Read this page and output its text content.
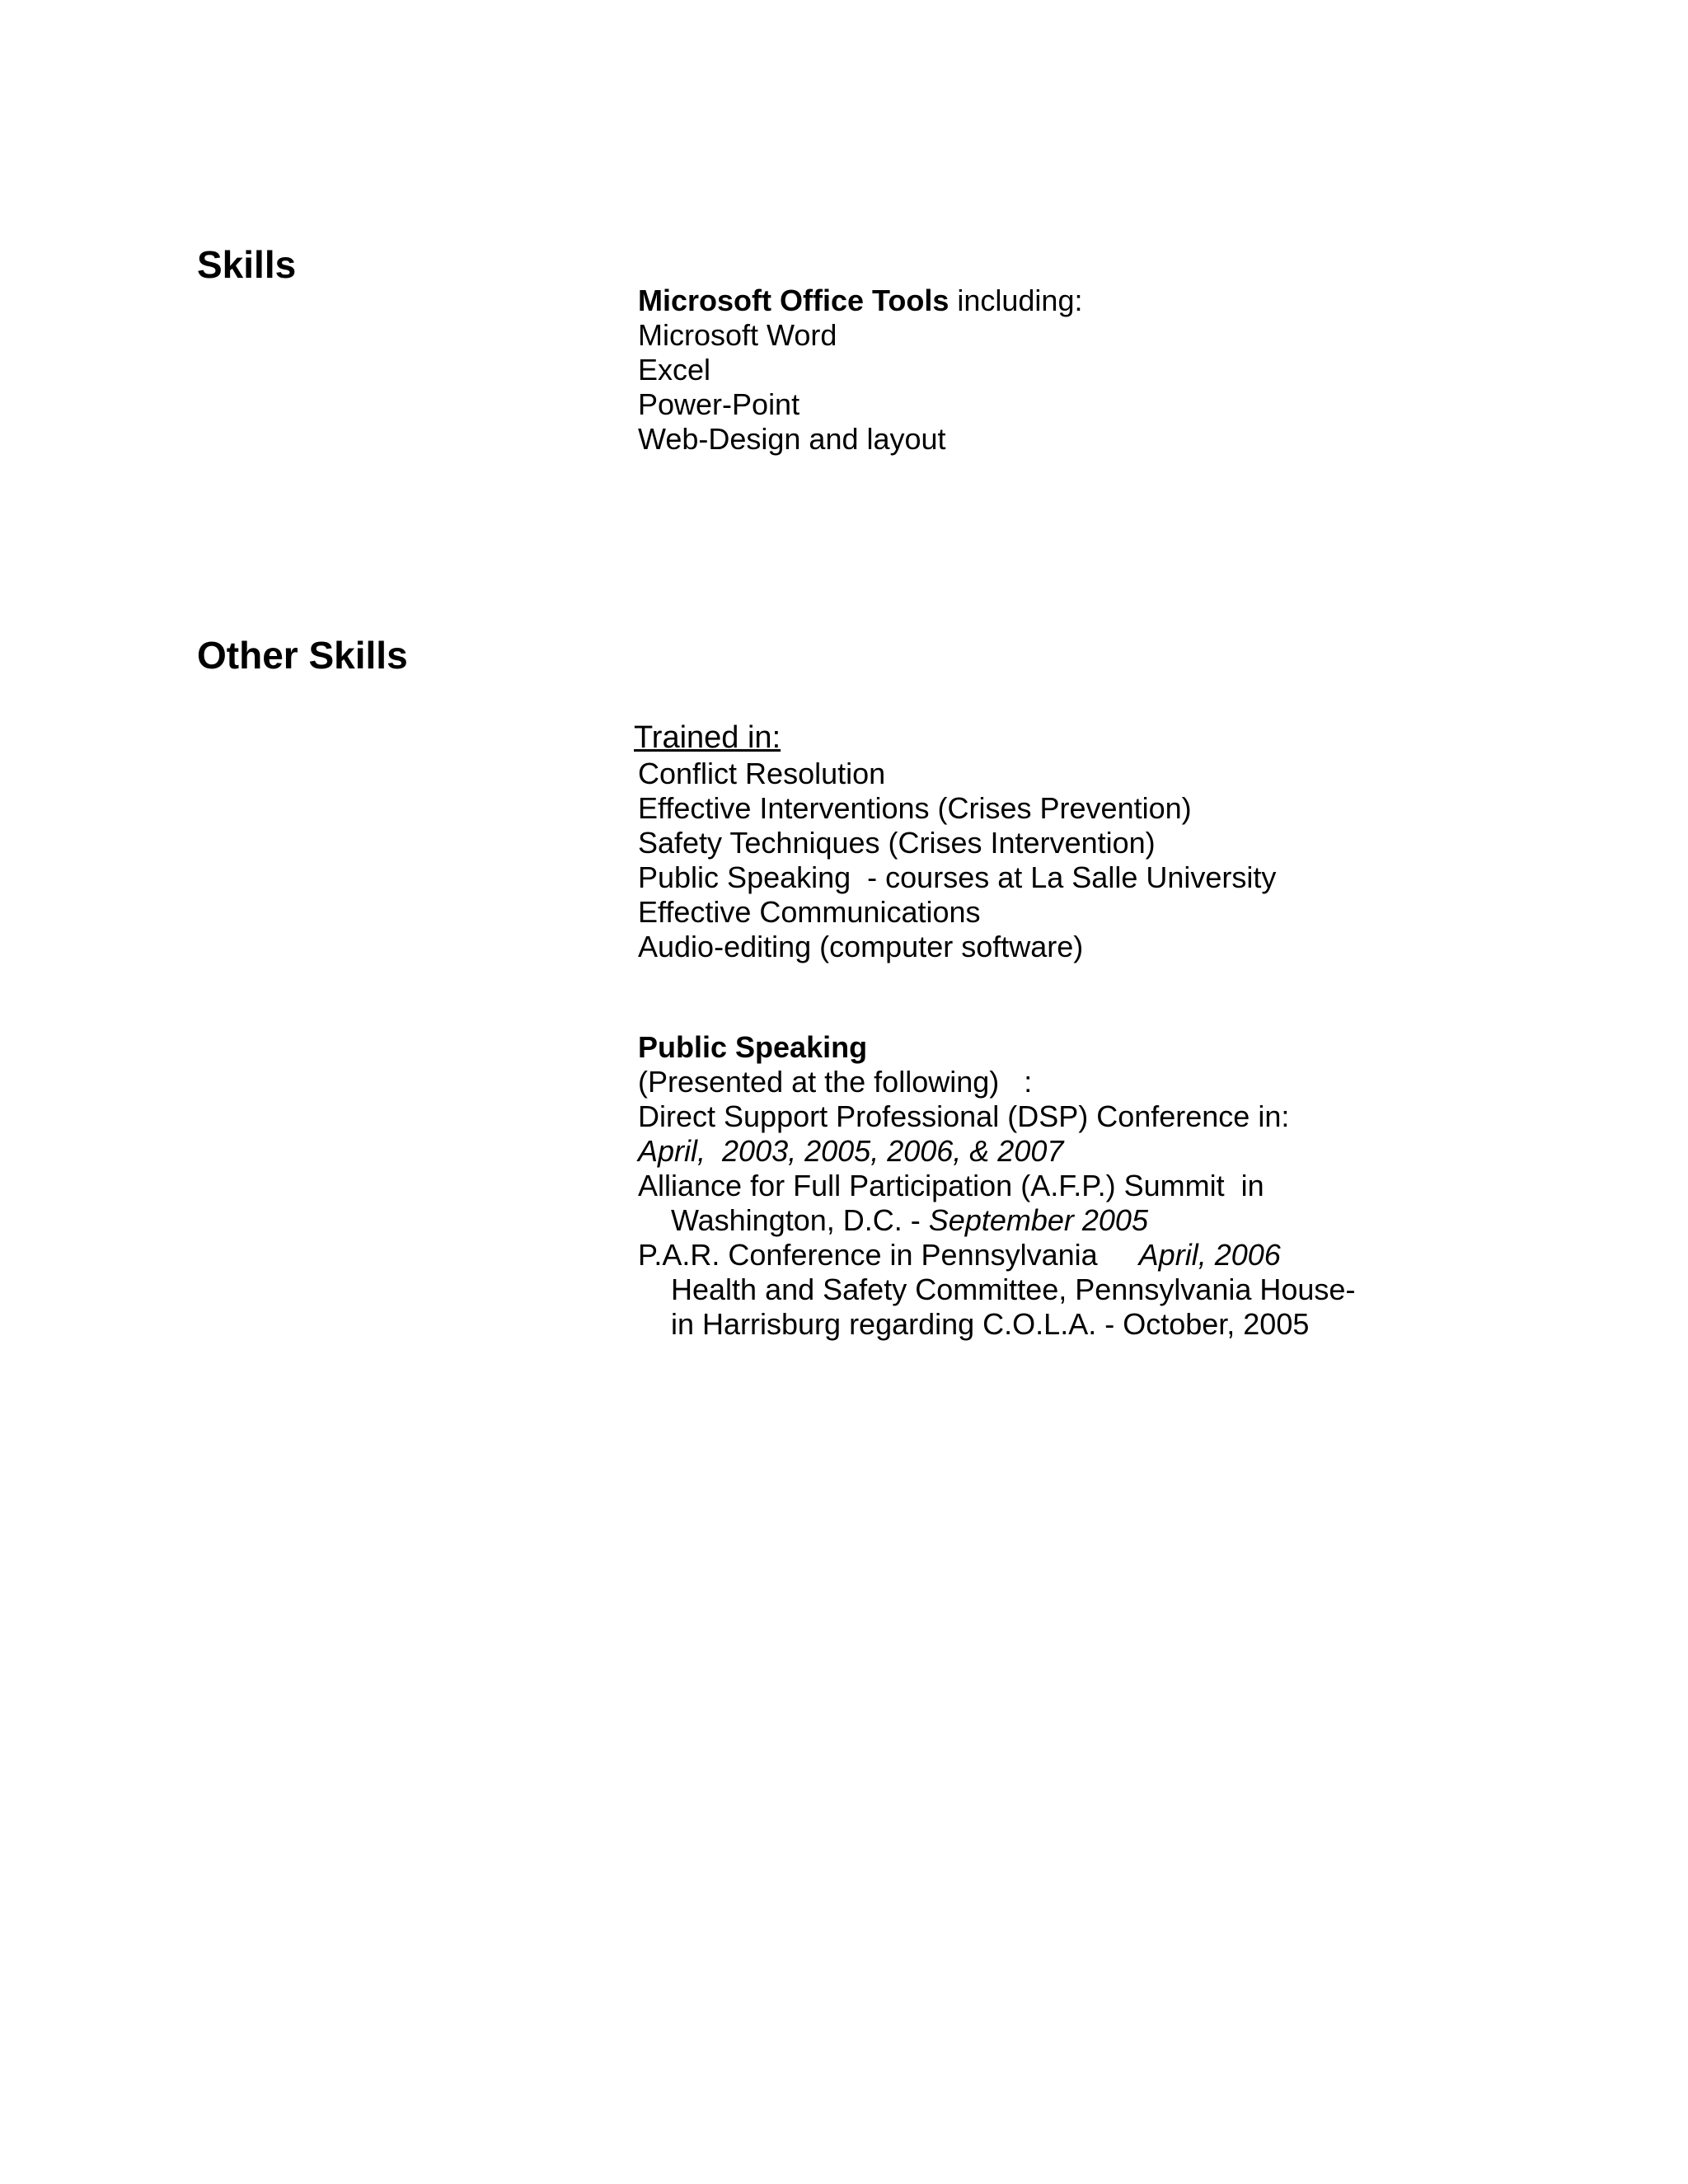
Skills
Microsoft Office Tools including:
Microsoft Word
Excel
Power-Point
Web-Design and layout
Other Skills
Trained in:
Conflict Resolution
Effective Interventions (Crises Prevention)
Safety Techniques (Crises Intervention)
Public Speaking  - courses at La Salle University
Effective Communications
Audio-editing (computer software)
Public Speaking
(Presented at the following)   :
Direct Support Professional (DSP) Conference in:
April,  2003, 2005, 2006, & 2007
Alliance for Full Participation (A.F.P.) Summit  in
Washington, D.C. - September 2005
P.A.R. Conference in Pennsylvania April, 2006
Health and Safety Committee, Pennsylvania House-
in Harrisburg regarding C.O.L.A. - October, 2005
